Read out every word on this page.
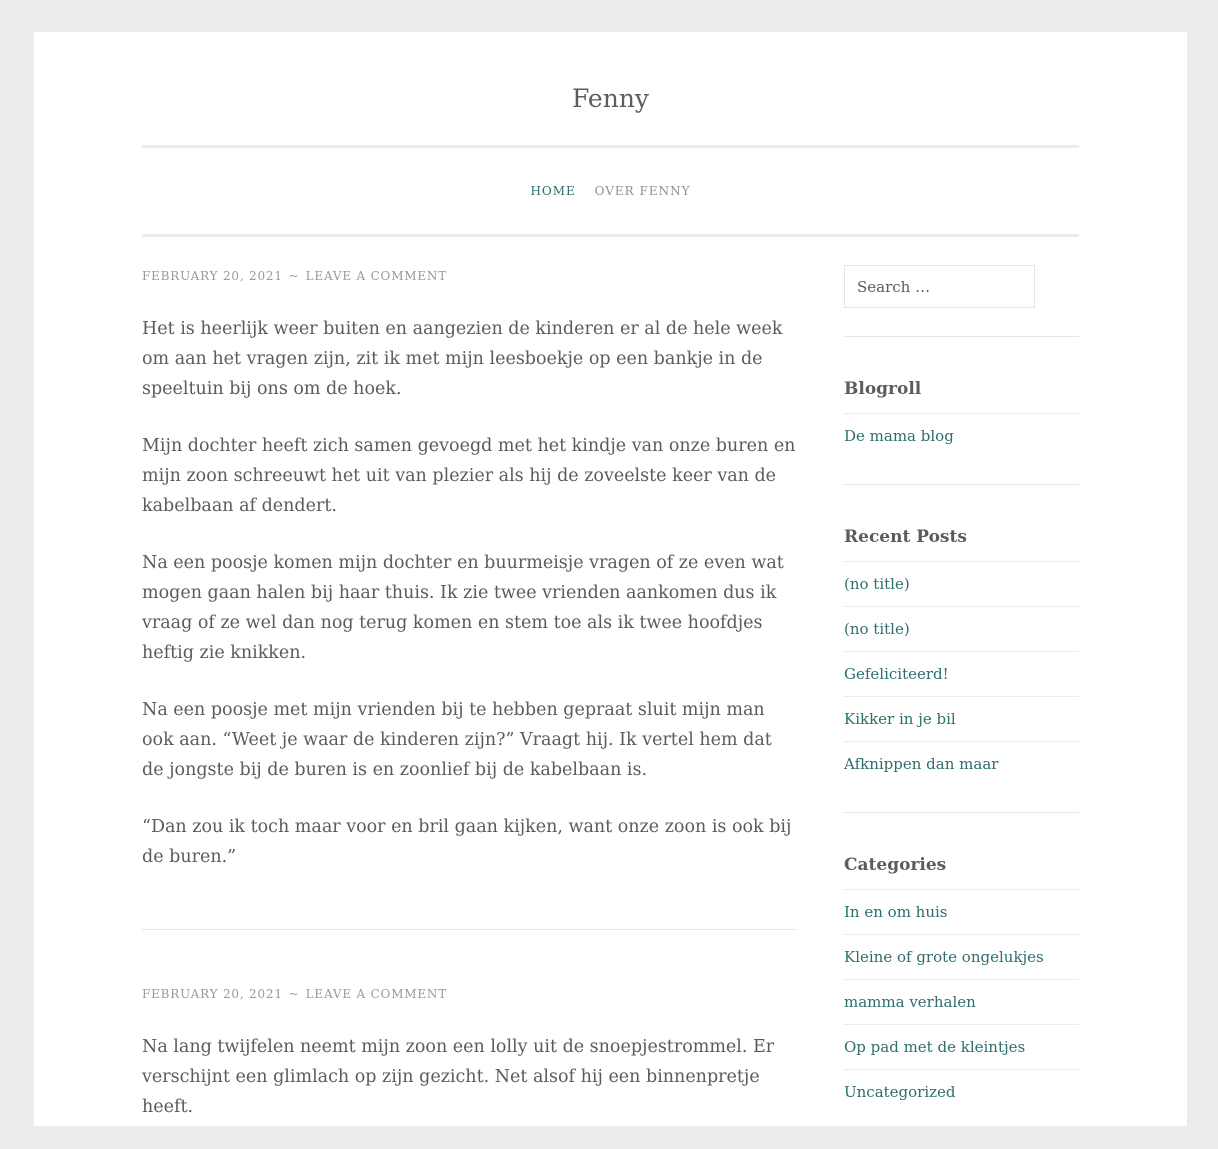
Fenny
HOME OVER FENNY
FEBRUARY 20, 2021 ~ LEAVE A COMMENT

Het is heerlijk weer buiten en aangezien de kinderen er al de hele week om aan het vragen zijn, zit ik met mijn leesboekje op een bankje in de speeltuin bij ons om de hoek.

Mijn dochter heeft zich samen gevoegd met het kindje van onze buren en mijn zoon schreeuwt het uit van plezier als hij de zoveelste keer van de kabelbaan af dendert.

Na een poosje komen mijn dochter en buurmeisje vragen of ze even wat mogen gaan halen bij haar thuis. Ik zie twee vrienden aankomen dus ik vraag of ze wel dan nog terug komen en stem toe als ik twee hoofdjes heftig zie knikken.

Na een poosje met mijn vrienden bij te hebben gepraat sluit mijn man ook aan. “Weet je waar de kinderen zijn?” Vraagt hij. Ik vertel hem dat de jongste bij de buren is en zoonlief bij de kabelbaan is.

“Dan zou ik toch maar voor en bril gaan kijken, want onze zoon is ook bij de buren.”

FEBRUARY 20, 2021 ~ LEAVE A COMMENT

Na lang twijfelen neemt mijn zoon een lolly uit de snoepjestrommel. Er verschijnt een glimlach op zijn gezicht. Net alsof hij een binnenpretje heeft.

Search …
Blogroll
De mama blog
Recent Posts
(no title)
(no title)
Gefeliciteerd!
Kikker in je bil
Afknippen dan maar
Categories
In en om huis
Kleine of grote ongelukjes
mamma verhalen
Op pad met de kleintjes
Uncategorized
